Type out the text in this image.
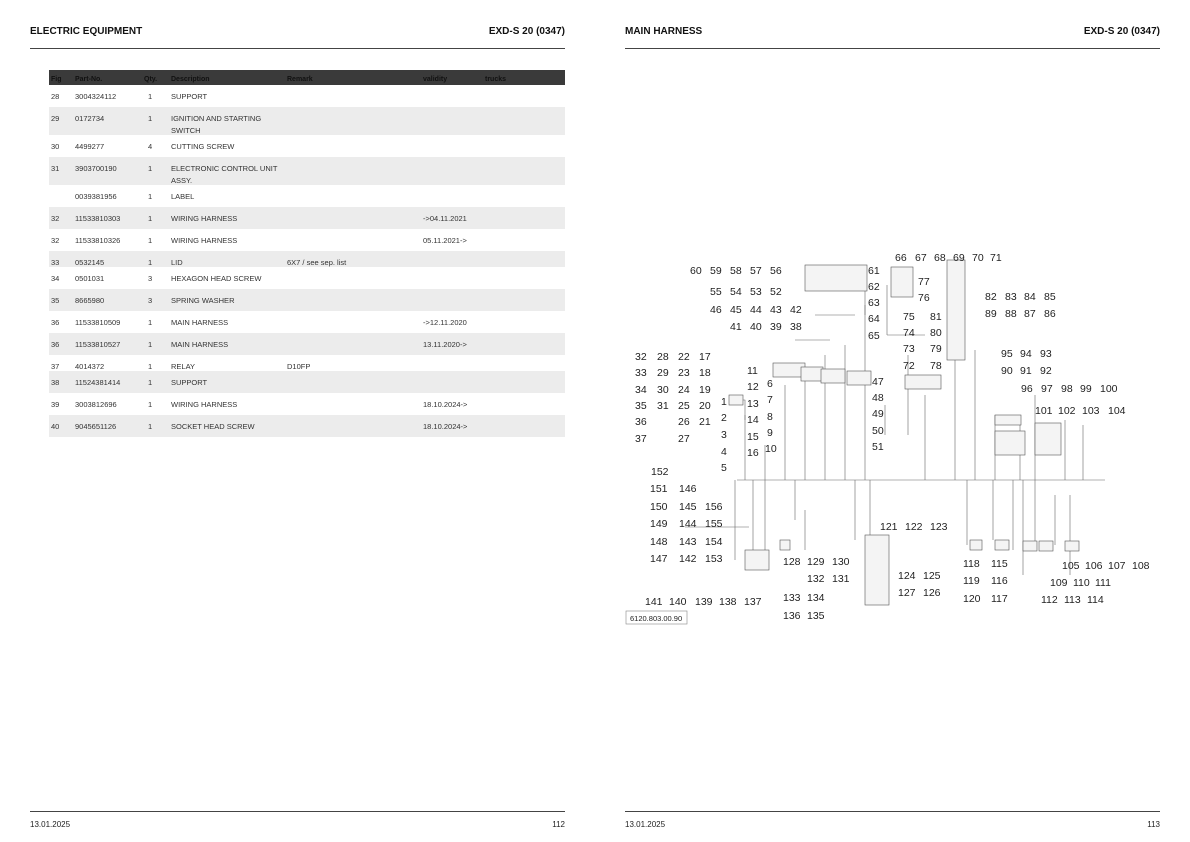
ELECTRIC EQUIPMENT	EXD-S 20 (0347)
Fig Part-No.	Qty. Description	Remark	validity	trucks
28 3004324112	1	SUPPORT
29 0172734	1	IGNITION AND STARTING SWITCH
30 4499277	4	CUTTING SCREW
31 3903700190	1	ELECTRONIC CONTROL UNIT ASSY.
0039381956	1	LABEL
32 11533810303	1	WIRING HARNESS	->04.11.2021
32 11533810326	1	WIRING HARNESS	05.11.2021->
33 0532145	1	LID	6X7 / see sep. list
34 0501031	3	HEXAGON HEAD SCREW
35 8665980	3	SPRING WASHER
36 11533810509	1	MAIN HARNESS	->12.11.2020
36 11533810527	1	MAIN HARNESS	13.11.2020->
37 4014372	1	RELAY	D10FP
38 11524381414	1	SUPPORT
39 3003812696	1	WIRING HARNESS	18.10.2024->
40 9045651126	1	SOCKET HEAD SCREW	18.10.2024->
13.01.2025	112
MAIN HARNESS	EXD-S 20 (0347)
13.01.2025	113
1
2
3
4
5
6
7
8
9
10
11
12
13
14
15
16
17
18
19
20
21
22
23
24
25
26
27
28
29
30
31
32
33
34
35
36
37
38
39
40
41
42
43
44
45
46
47
48
49
50
51
52
53
54
55
56
57
58
59
60	61
62
63
64
65
66 67 68 69 70 71
72
73
74
75
76
77
78
79
80
81
82 83 84 85
86
87
88
89
90 91 92
93
94
95
96 97 98 99 100
101 102 103 104
105 106 107 108
109 110 111
112 113 114
115
116
117
118
119
120
121 122 123
124 125
126
127
128 129 130
131
132
133 134
135
136
137
138
139
140
141
142
143
144
145
146
147
148
149
150
151
152
153
154
155
156
6120.803.00.90
